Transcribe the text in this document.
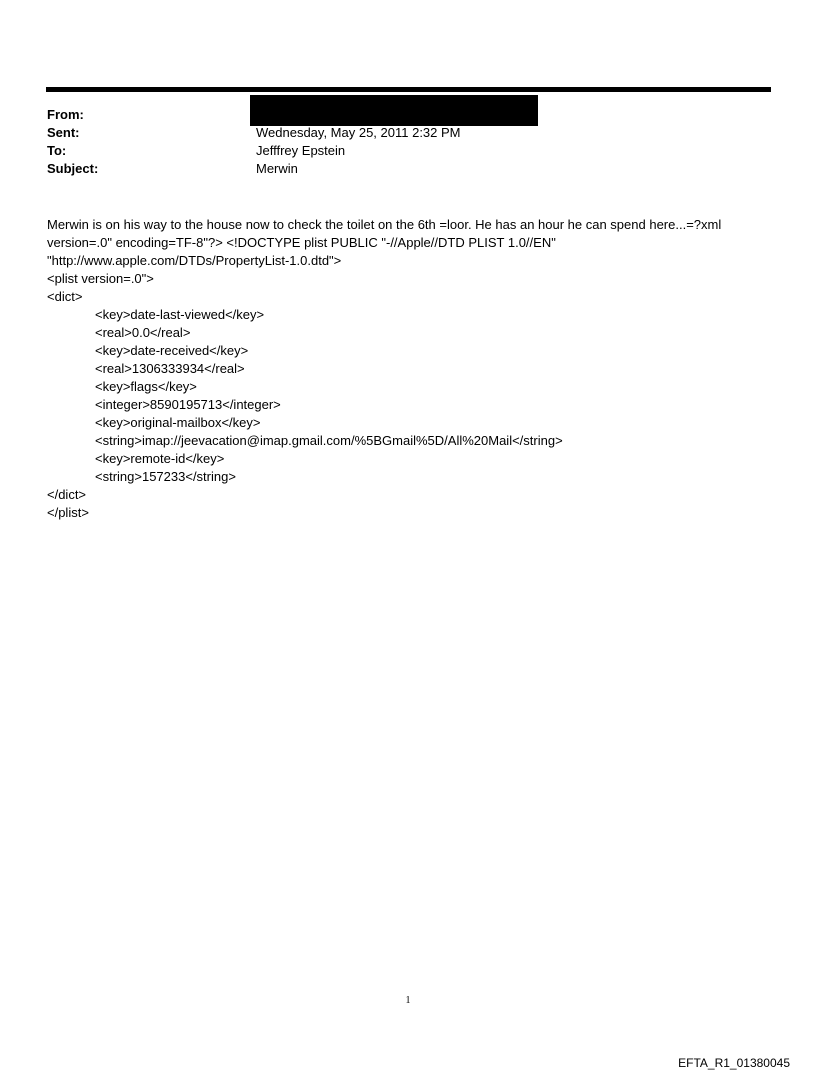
From:
Sent:	Wednesday, May 25, 2011 2:32 PM
To:	Jefffrey Epstein
Subject:	Merwin
Merwin is on his way to the house now to check the toilet on the 6th =loor. He has an hour he can spend here...=?xml
version=.0" encoding=TF-8"?> <!DOCTYPE plist PUBLIC "-//Apple//DTD PLIST 1.0//EN"
"http://www.apple.com/DTDs/PropertyList-1.0.dtd">
<plist version=.0">
<dict>
<key>date-last-viewed</key>
<real>0.0</real>
<key>date-received</key>
<real>1306333934</real>
<key>flags</key>
<integer>8590195713</integer>
<key>original-mailbox</key>
<string>imap://jeevacation@imap.gmail.com/%5BGmail%5D/All%20Mail</string>
<key>remote-id</key>
<string>157233</string>
</dict>
</plist>
1
EFTA_R1_01380045
